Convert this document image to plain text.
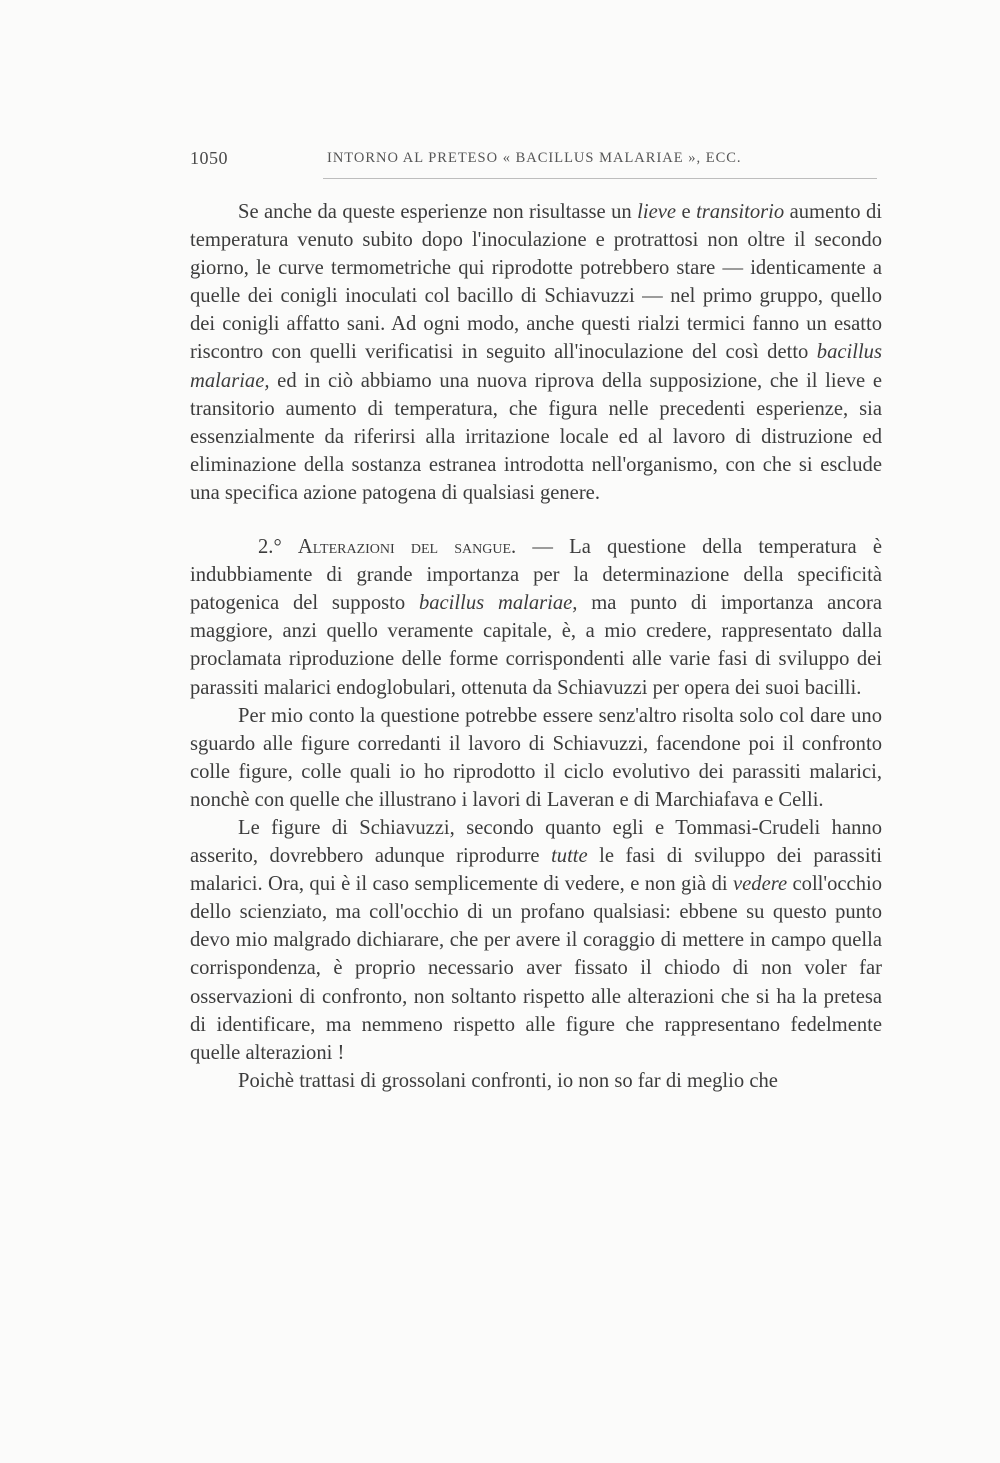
1050	INTORNO AL PRETESO « BACILLUS MALARIAE », ECC.

Se anche da queste esperienze non risultasse un lieve e transitorio aumento di temperatura venuto subito dopo l'inoculazione e protrattosi non oltre il secondo giorno, le curve termometriche qui riprodotte potrebbero stare — identicamente a quelle dei conigli inoculati col bacillo di Schiavuzzi — nel primo gruppo, quello dei conigli affatto sani. Ad ogni modo, anche questi rialzi termici fanno un esatto riscontro con quelli verificatisi in seguito all'inoculazione del così detto bacillus malariae, ed in ciò abbiamo una nuova riprova della supposizione, che il lieve e transitorio aumento di temperatura, che figura nelle precedenti esperienze, sia essenzialmente da riferirsi alla irritazione locale ed al lavoro di distruzione ed eliminazione della sostanza estranea introdotta nell'organismo, con che si esclude una specifica azione patogena di qualsiasi genere.

2.° Alterazioni del sangue. — La questione della temperatura è indubbiamente di grande importanza per la determinazione della specificità patogenica del supposto bacillus malariae, ma punto di importanza ancora maggiore, anzi quello veramente capitale, è, a mio credere, rappresentato dalla proclamata riproduzione delle forme corrispondenti alle varie fasi di sviluppo dei parassiti malarici endoglobulari, ottenuta da Schiavuzzi per opera dei suoi bacilli.

Per mio conto la questione potrebbe essere senz'altro risolta solo col dare uno sguardo alle figure corredanti il lavoro di Schiavuzzi, facendone poi il confronto colle figure, colle quali io ho riprodotto il ciclo evolutivo dei parassiti malarici, nonchè con quelle che illustrano i lavori di Laveran e di Marchiafava e Celli.

Le figure di Schiavuzzi, secondo quanto egli e Tommasi-Crudeli hanno asserito, dovrebbero adunque riprodurre tutte le fasi di sviluppo dei parassiti malarici. Ora, qui è il caso semplicemente di vedere, e non già di vedere coll'occhio dello scienziato, ma coll'occhio di un profano qualsiasi: ebbene su questo punto devo mio malgrado dichiarare, che per avere il coraggio di mettere in campo quella corrispondenza, è proprio necessario aver fissato il chiodo di non voler far osservazioni di confronto, non soltanto rispetto alle alterazioni che si ha la pretesa di identificare, ma nemmeno rispetto alle figure che rappresentano fedelmente quelle alterazioni !

Poichè trattasi di grossolani confronti, io non so far di meglio che
